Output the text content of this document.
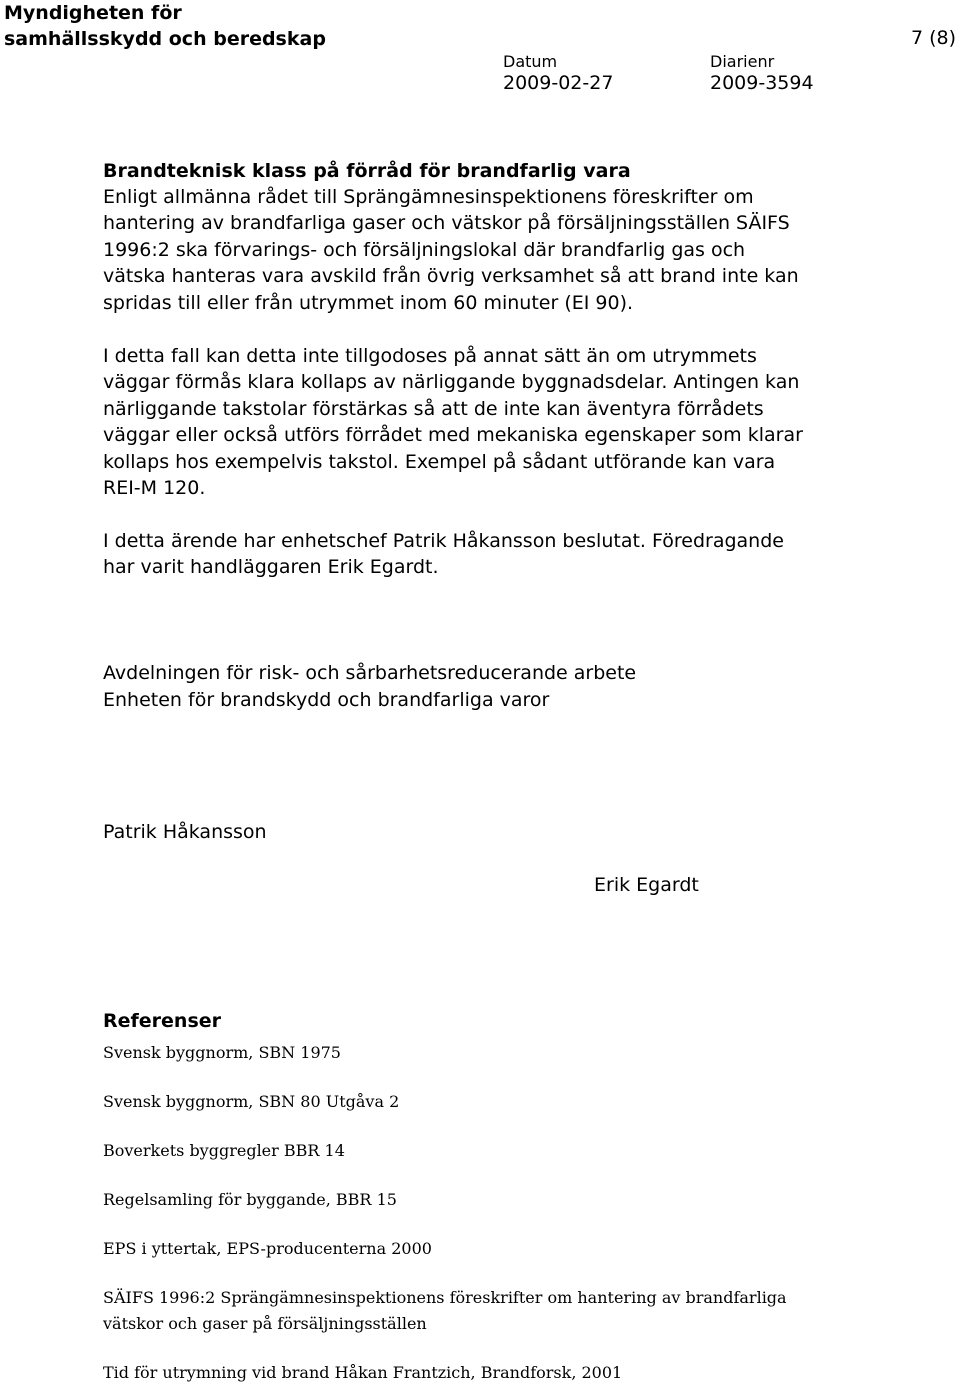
Myndigheten för
samhällsskydd och beredskap	7 (8)
Datum
2009-02-27
Diarienr
2009-3594
Brandteknisk klass på förråd för brandfarlig vara

Enligt allmänna rådet till Sprängämnesinspektionens föreskrifter om hantering av brandfarliga gaser och vätskor på försäljningsställen SÄIFS 1996:2 ska förvarings- och försäljningslokal där brandfarlig gas och vätska hanteras vara avskild från övrig verksamhet så att brand inte kan spridas till eller från utrymmet inom 60 minuter (EI 90).

I detta fall kan detta inte tillgodoses på annat sätt än om utrymmets väggar förmås klara kollaps av närliggande byggnadsdelar. Antingen kan närliggande takstolar förstärkas så att de inte kan äventyra förrådets väggar eller också utförs förrådet med mekaniska egenskaper som klarar kollaps hos exempelvis takstol. Exempel på sådant utförande kan vara REI-M 120.

I detta ärende har enhetschef Patrik Håkansson beslutat. Föredragande har varit handläggaren Erik Egardt.

Avdelningen för risk- och sårbarhetsreducerande arbete
Enheten för brandskydd och brandfarliga varor
Patrik Håkansson
Erik Egardt
Referenser
Svensk byggnorm, SBN 1975
Svensk byggnorm, SBN 80 Utgåva 2
Boverkets byggregler BBR 14
Regelsamling för byggande, BBR 15
EPS i yttertak, EPS-producenterna 2000
SÄIFS 1996:2 Sprängämnesinspektionens föreskrifter om hantering av brandfarliga vätskor och gaser på försäljningsställen
Tid för utrymning vid brand Håkan Frantzich, Brandforsk, 2001
